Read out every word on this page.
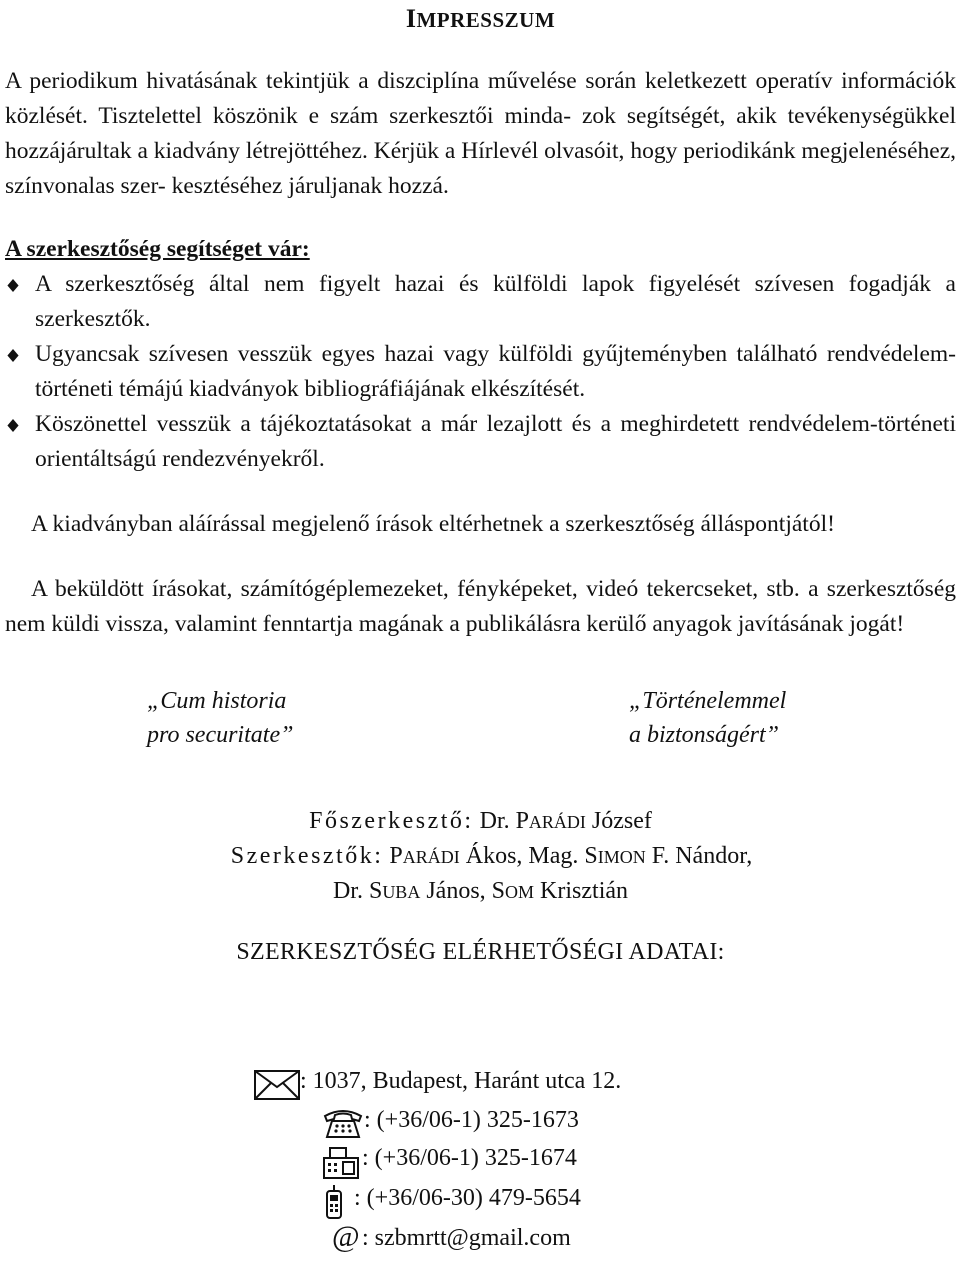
IMPRESSZUM

A periodikum hivatásának tekintjük a diszciplína művelése során keletkezett operatív információk közlését. Tisztelettel köszönik e szám szerkesztői minda- zok segítségét, akik tevékenységükkel hozzájárultak a kiadvány létrejöttéhez. Kérjük a Hírlevél olvasóit, hogy periodikánk megjelenéséhez, színvonalas szer- kesztéséhez járuljanak hozzá.

A szerkesztőség segítséget vár:
A szerkesztőség által nem figyelt hazai és külföldi lapok figyelését szívesen fogadják a szerkesztők.
Ugyancsak szívesen vesszük egyes hazai vagy külföldi gyűjteményben található rendvédelem-történeti témájú kiadványok bibliográfiájának elkészítését.
Köszönettel vesszük a tájékoztatásokat a már lezajlott és a meghirdetett rendvédelem-történeti orientáltságú rendezvényekről.

A kiadványban aláírással megjelenő írások eltérhetnek a szerkesztőség álláspontjától!

A beküldött írásokat, számítógéplemezeket, fényképeket, videó tekercseket, stb. a szerkesztőség nem küldi vissza, valamint fenntartja magának a publikálásra kerülő anyagok javításának jogát!

„Cum historia
pro securitate”
„Történelemmel
a biztonságért”
Főszerkesztő: Dr. PARÁDI József
Szerkesztők: PARÁDI Ákos, Mag. SIMON F. Nándor,
Dr. SUBA János, SOM Krisztián
SZERKESZTŐSÉG ELÉRHETŐSÉGI ADATAI:
: 1037, Budapest, Haránt utca 12.
: (+36/06-1) 325-1673
: (+36/06-1) 325-1674
: (+36/06-30) 479-5654
@ : szbmrtt@gmail.com
